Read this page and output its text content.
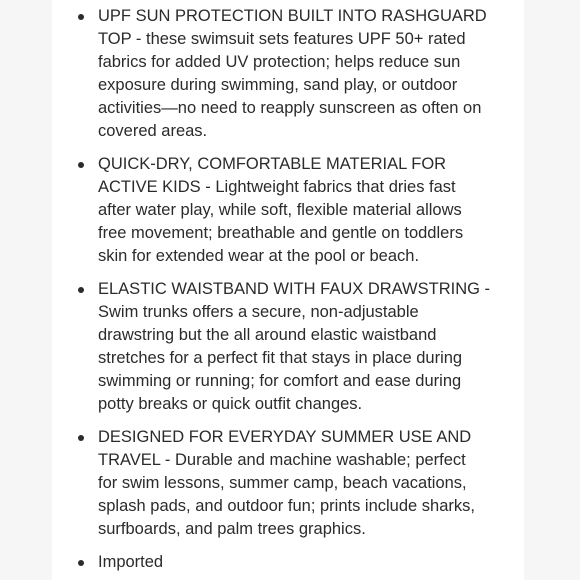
UPF SUN PROTECTION BUILT INTO RASHGUARD
TOP - these swimsuit sets features UPF 50+ rated
fabrics for added UV protection; helps reduce sun
exposure during swimming, sand play, or outdoor
activities—no need to reapply sunscreen as often on
covered areas.
QUICK-DRY, COMFORTABLE MATERIAL FOR
ACTIVE KIDS - Lightweight fabrics that dries fast
after water play, while soft, flexible material allows
free movement; breathable and gentle on toddlers
skin for extended wear at the pool or beach.
ELASTIC WAISTBAND WITH FAUX DRAWSTRING -
Swim trunks offers a secure, non-adjustable
drawstring but the all around elastic waistband
stretches for a perfect fit that stays in place during
swimming or running; for comfort and ease during
potty breaks or quick outfit changes.
DESIGNED FOR EVERYDAY SUMMER USE AND
TRAVEL - Durable and machine washable; perfect
for swim lessons, summer camp, beach vacations,
splash pads, and outdoor fun; prints include sharks,
surfboards, and palm trees graphics.
Imported
